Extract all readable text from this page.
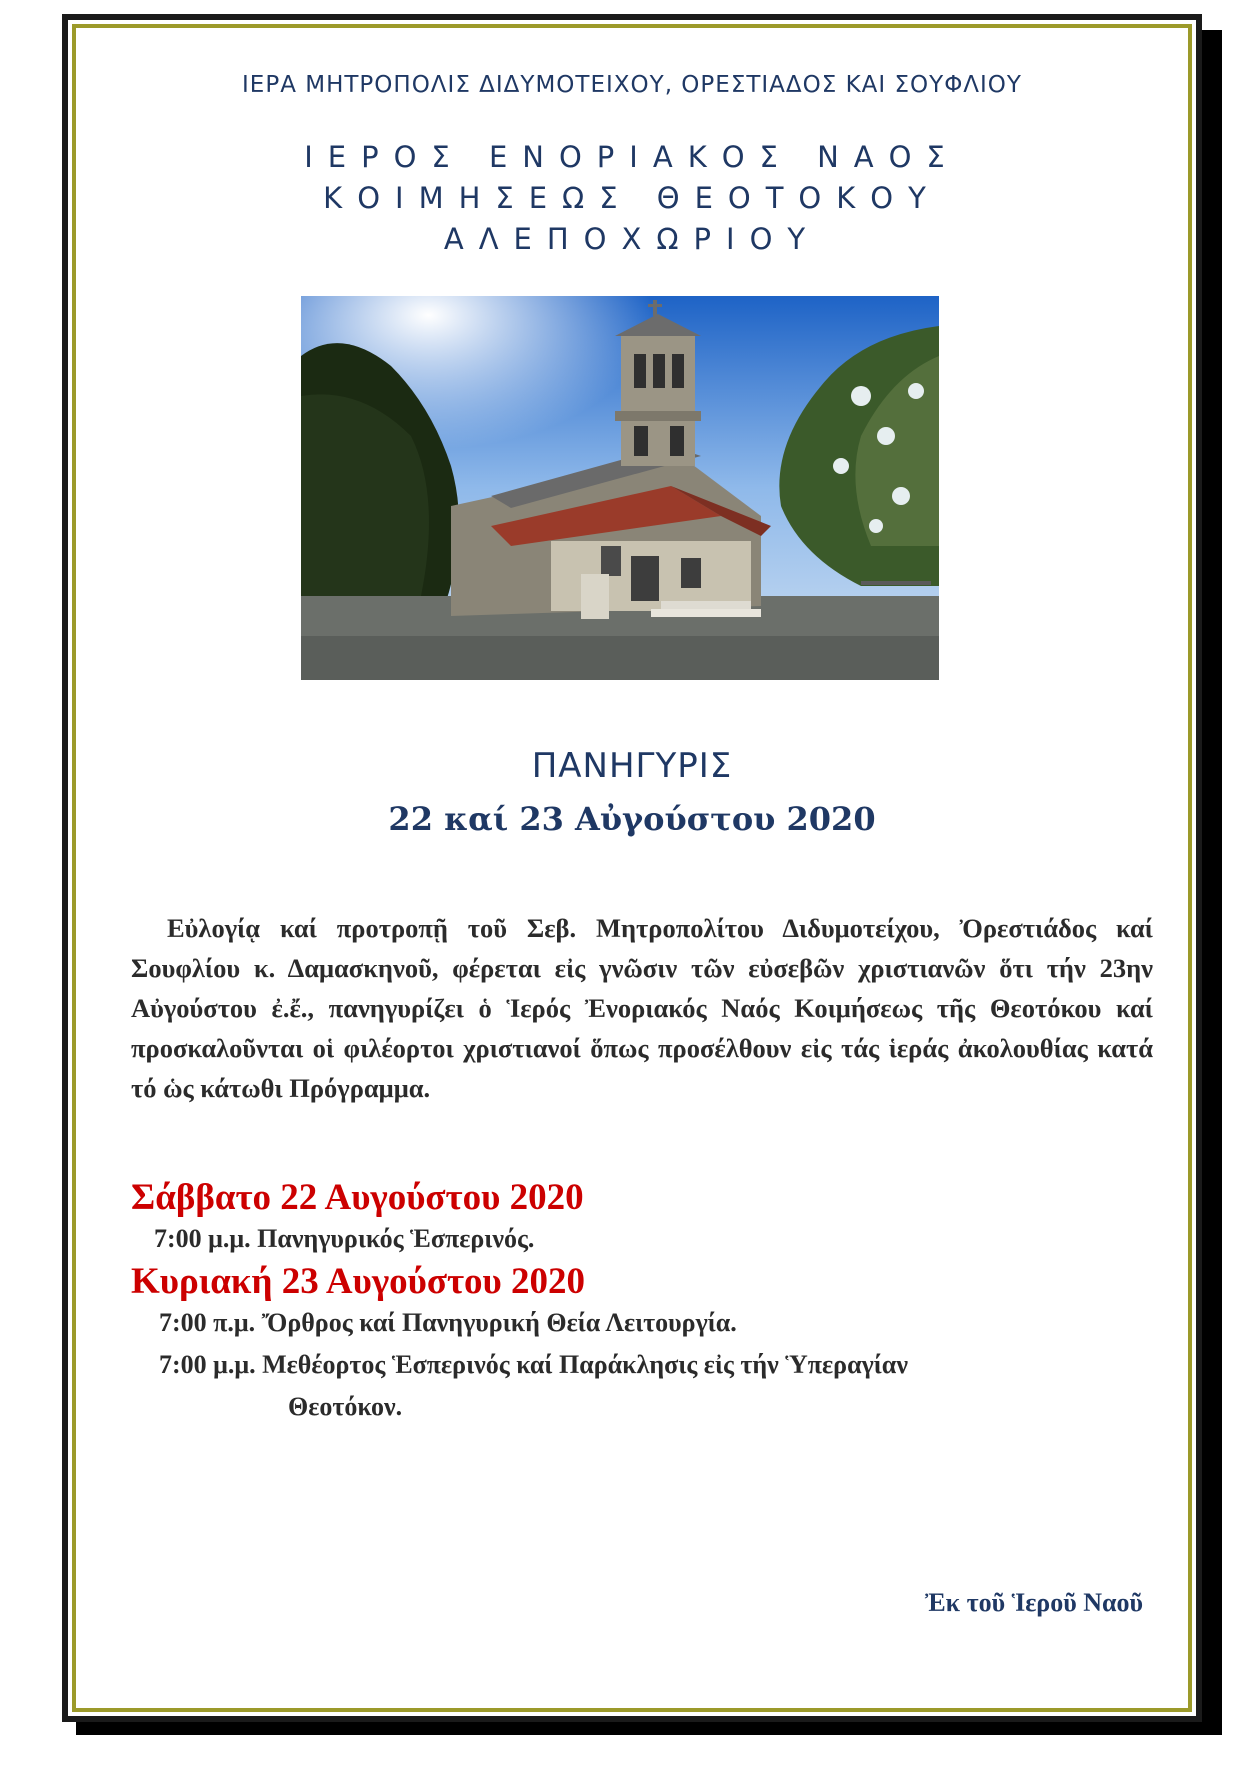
ΙΕΡΑ ΜΗΤΡΟΠΟΛΙΣ ΔΙΔΥΜΟΤΕΙΧΟΥ, ΟΡΕΣΤΙΑΔΟΣ ΚΑΙ ΣΟΥΦΛΙΟΥ
ΙΕΡΟΣ ΕΝΟΡΙΑΚΟΣ ΝΑΟΣ
ΚΟΙΜΗΣΕΩΣ ΘΕΟΤΟΚΟΥ
ΑΛΕΠΟΧΩΡΙΟΥ
ΠΑΝΗΓΥΡΙΣ
22 καί 23 Αὐγούστου 2020
Εὐλογίᾳ καί προτροπῇ τοῦ Σεβ. Μητροπολίτου Διδυμοτείχου, Ὀρεστιάδος καί Σουφλίου κ. Δαμασκηνοῦ, φέρεται εἰς γνῶσιν τῶν εὐσεβῶν χριστιανῶν ὅτι τήν 23ην Αὐγούστου ἐ.ἔ., πανηγυρίζει ὁ Ἱερός Ἐνοριακός Ναός Κοιμήσεως τῆς Θεοτόκου καί προσκαλοῦνται οἱ φιλέορτοι χριστιανοί ὅπως προσέλθουν εἰς τάς ἱεράς ἀκολουθίας κατά τό ὡς κάτωθι Πρόγραμμα.
Σάββατο 22 Αυγούστου 2020
7:00 μ.μ. Πανηγυρικός Ἑσπερινός.
Κυριακή 23 Αυγούστου 2020
7:00 π.μ. Ὄρθρος καί Πανηγυρική Θεία Λειτουργία.
7:00 μ.μ. Μεθέορτος Ἑσπερινός καί Παράκλησις εἰς τήν Ὑπεραγίαν
Θεοτόκον.
Ἐκ τοῦ Ἱεροῦ Ναοῦ
